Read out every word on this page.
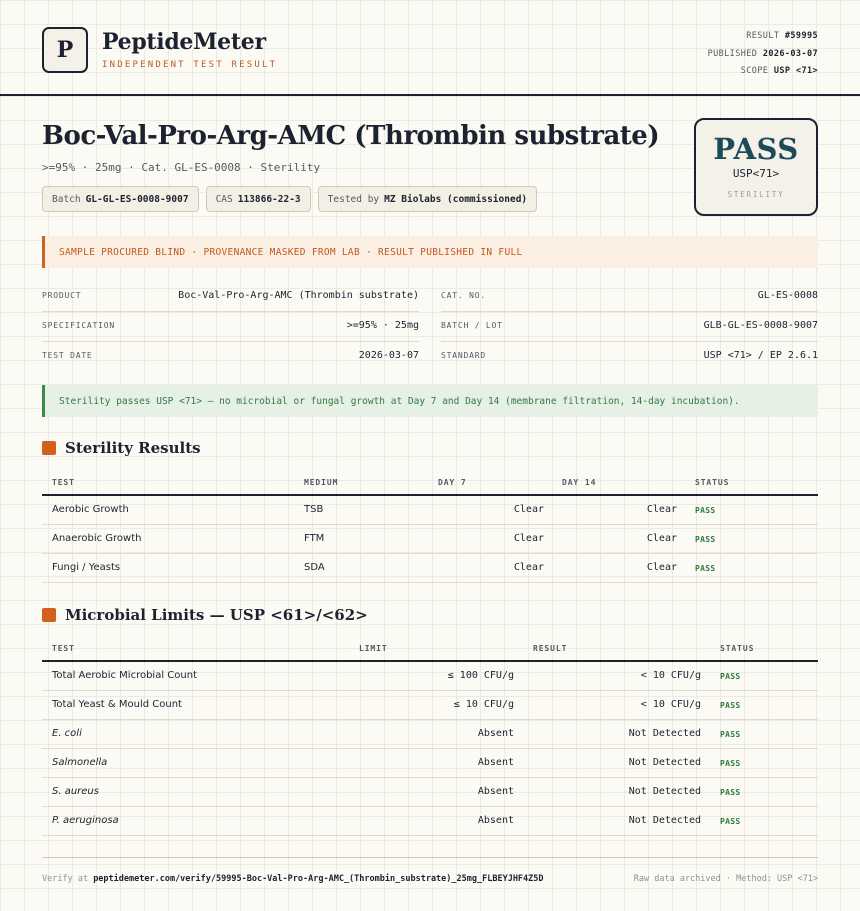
P	PeptideMeter
INDEPENDENT TEST RESULT
RESULT #59995
PUBLISHED 2026-03-07
SCOPE USP <71>
Boc-Val-Pro-Arg-AMC (Thrombin substrate)
>=95% · 25mg · Cat. GL-ES-0008 · Sterility
Batch GL-GL-ES-0008-9007	CAS 113866-22-3	Tested by MZ Biolabs (commissioned)
PASS
USP<71>
STERILITY
SAMPLE PROCURED BLIND · PROVENANCE MASKED FROM LAB · RESULT PUBLISHED IN FULL
PRODUCT	Boc-Val-Pro-Arg-AMC (Thrombin substrate)	CAT. NO.	GL-ES-0008
SPECIFICATION	>=95% · 25mg	BATCH / LOT	GLB-GL-ES-0008-9007
TEST DATE	2026-03-07	STANDARD	USP <71> / EP 2.6.1
Sterility passes USP <71> — no microbial or fungal growth at Day 7 and Day 14 (membrane filtration, 14-day incubation).
Sterility Results
TEST	MEDIUM	DAY 7	DAY 14	STATUS
Aerobic Growth	TSB	Clear	Clear PASS
Anaerobic Growth	FTM	Clear	Clear PASS
Fungi / Yeasts	SDA	Clear	Clear PASS
Microbial Limits — USP <61>/<62>
TEST	LIMIT	RESULT	STATUS
Total Aerobic Microbial Count	≤ 100 CFU/g	< 10 CFU/g PASS
Total Yeast & Mould Count	≤ 10 CFU/g	< 10 CFU/g PASS
E. coli	Absent	Not Detected PASS
Salmonella	Absent	Not Detected PASS
S. aureus	Absent	Not Detected PASS
P. aeruginosa	Absent	Not Detected PASS
Verify at peptidemeter.com/verify/59995-Boc-Val-Pro-Arg-AMC_(Thrombin_substrate)_25mg_FLBEYJHF4Z5D	Raw data archived · Method: USP <71>
